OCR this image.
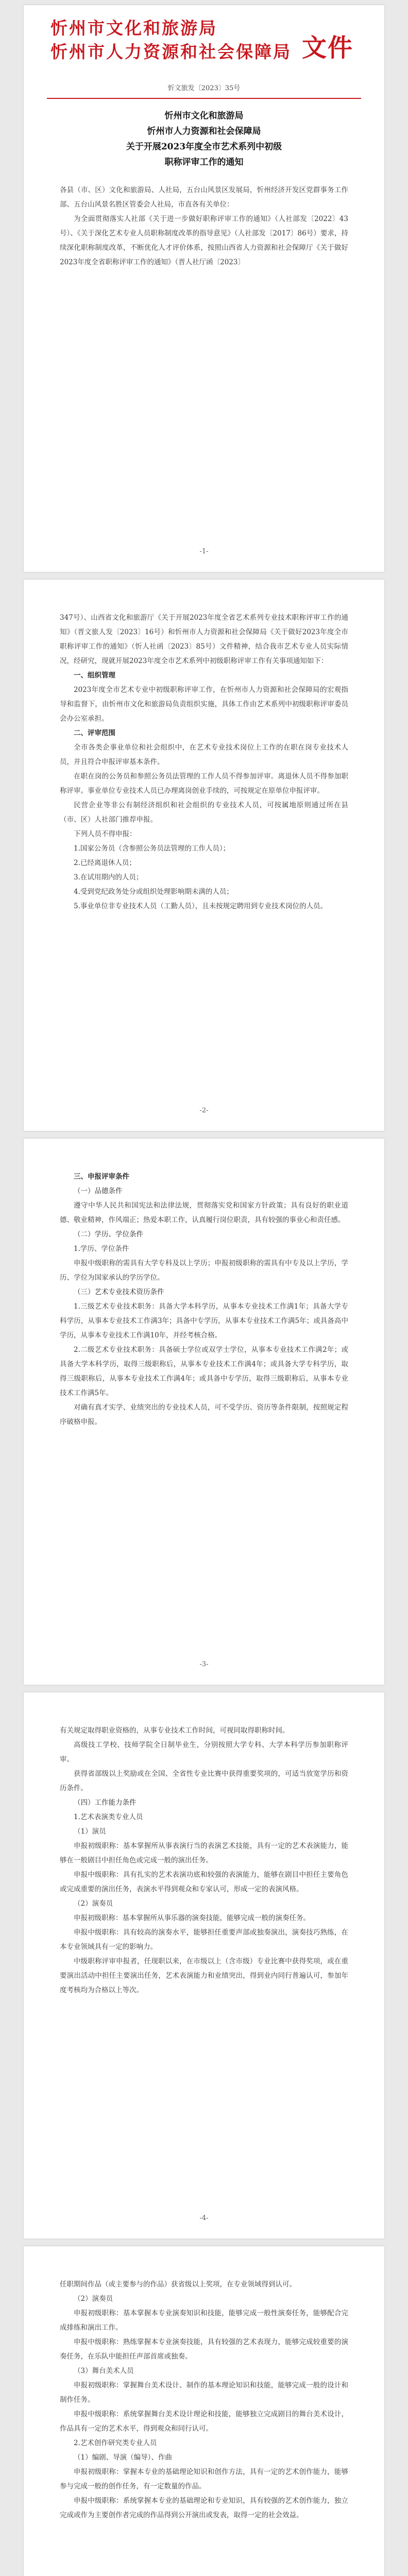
忻州市文化和旅游局
忻州市人力资源和社会保障局 文件
忻文旅发〔2023〕35号
忻州市文化和旅游局
忻州市人力资源和社会保障局
关于开展2023年度全市艺术系列中初级
职称评审工作的通知

各县（市、区）文化和旅游局、人社局，五台山风景区发展局，忻州经济开发区党群事务工作部、五台山风景名胜区管委会人社局，市直各有关单位：

为全面贯彻落实人社部《关于进一步做好职称评审工作的通知》（人社部发〔2022〕43号）、《关于深化艺术专业人员职称制度改革的指导意见》（人社部发〔2017〕86号）要求，持续深化职称制度改革，不断优化人才评价体系，按照山西省人力资源和社会保障厅《关于做好2023年度全省职称评审工作的通知》（晋人社厅函〔2023〕

-1-

347号）、山西省文化和旅游厅《关于开展2023年度全省艺术系列专业技术职称评审工作的通知》（晋文旅人发〔2023〕16号）和忻州市人力资源和社会保障局《关于做好2023年度全市职称评审工作的通知》（忻人社函〔2023〕85号）文件精神，结合我市艺术专业人员实际情况，经研究，现就开展2023年度全市艺术系列中初级职称评审工作有关事项通知如下：

一、组织管理

2023年度全市艺术专业中初级职称评审工作，在忻州市人力资源和社会保障局的宏观指导和监督下，由忻州市文化和旅游局负责组织实施，具体工作由艺术系列中初级职称评审委员会办公室承担。

二、评审范围

全市各类企事业单位和社会组织中，在艺术专业技术岗位上工作的在职在岗专业技术人员，并且符合申报评审基本条件。

在职在岗的公务员和参照公务员法管理的工作人员不得参加评审。离退休人员不得参加职称评审。事业单位专业技术人员已办理离岗创业手续的，可按规定在原单位申报评审。

民营企业等非公有制经济组织和社会组织的专业技术人员，可按属地原则通过所在县（市、区）人社部门推荐申报。

下列人员不得申报：

1.国家公务员（含参照公务员法管理的工作人员）；

2.已经离退休人员；

3.在试用期内的人员；

4.受到党纪政务处分或组织处理影响期未满的人员；

5.事业单位非专业技术人员（工勤人员），且未按规定聘用到专业技术岗位的人员。

-2-

三、申报评审条件

（一）品德条件

遵守中华人民共和国宪法和法律法规，贯彻落实党和国家方针政策；具有良好的职业道德、敬业精神，作风端正；热爱本职工作，认真履行岗位职责，具有较强的事业心和责任感。

（二）学历、学位条件

1.学历、学位条件

申报中级职称的需具有大学专科及以上学历；申报初级职称的需具有中专及以上学历，学历、学位为国家承认的学历学位。

（三）艺术专业技术资历条件

1.三级艺术专业技术职务：具备大学本科学历，从事本专业技术工作满1年；具备大学专科学历，从事本专业技术工作满3年；具备中专学历，从事本专业技术工作满5年；或具备高中学历，从事本专业技术工作满10年，并经考核合格。

2.二级艺术专业技术职务：具备硕士学位或双学士学位，从事本专业技术工作满2年；或具备大学本科学历，取得三级职称后，从事本专业技术工作满4年；或具备大学专科学历，取得三级职称后，从事本专业技术工作满4年；或具备中专学历，取得三级职称后，从事本专业技术工作满5年。

对确有真才实学、业绩突出的专业技术人员，可不受学历、资历等条件限制，按照规定程序破格申报。

-3-

有关规定取得职业资格的，从事专业技术工作时间，可视同取得职称时间。

高级技工学校、技师学院全日制毕业生，分别按照大学专科、大学本科学历参加职称评审。

获得省部级以上奖励或在全国、全省性专业比赛中获得重要奖项的，可适当放宽学历和资历条件。

（四）工作能力条件

1.艺术表演类专业人员

（1）演员

申报初级职称：基本掌握所从事表演行当的表演艺术技能，具有一定的艺术表演能力，能够在一般剧目中担任角色或完成一般的演出任务。

申报中级职称：具有扎实的艺术表演功底和较强的表演能力，能够在剧目中担任主要角色或完成重要的演出任务，表演水平得到观众和专家认可，形成一定的表演风格。

（2）演奏员

申报初级职称：基本掌握所从事乐器的演奏技能，能够完成一般的演奏任务。

申报中级职称：具有较高的演奏水平，能够担任重要声部或独奏演出，演奏技巧熟练，在本专业领域具有一定的影响力。

中级职称评审申报者，任现职以来，在市级以上（含市级）专业比赛中获得奖项，或在重要演出活动中担任主要演出任务，艺术表演能力和业绩突出，得到业内同行普遍认可，参加年度考核均为合格以上等次。

-4-

任职期间作品（或主要参与的作品）获省级以上奖项，在专业领域得到认可。

（2）演奏员

申报初级职称：基本掌握本专业演奏知识和技能，能够完成一般性演奏任务，能够配合完成排练和演出工作。

申报中级职称：熟练掌握本专业演奏技能，具有较强的艺术表现力，能够完成较重要的演奏任务，在乐队中能担任声部首席或独奏。

（3）舞台美术人员

申报初级职称：掌握舞台美术设计、制作的基本理论知识和技能，能够完成一般的设计和制作任务。

申报中级职称：系统掌握舞台美术设计理论和技能，能够独立完成剧目的舞台美术设计，作品具有一定的艺术水平，得到观众和同行认可。

2.艺术创作研究类专业人员

（1）编剧、导演（编导）、作曲

申报初级职称：掌握本专业的基础理论知识和创作方法，具有一定的艺术创作能力，能够参与完成一般的创作任务，有一定数量的作品。

申报中级职称：系统掌握本专业的基础理论和专业知识，具有较强的艺术创作能力，独立完成或作为主要创作者完成的作品得到公开演出或发表，取得一定的社会效益。
